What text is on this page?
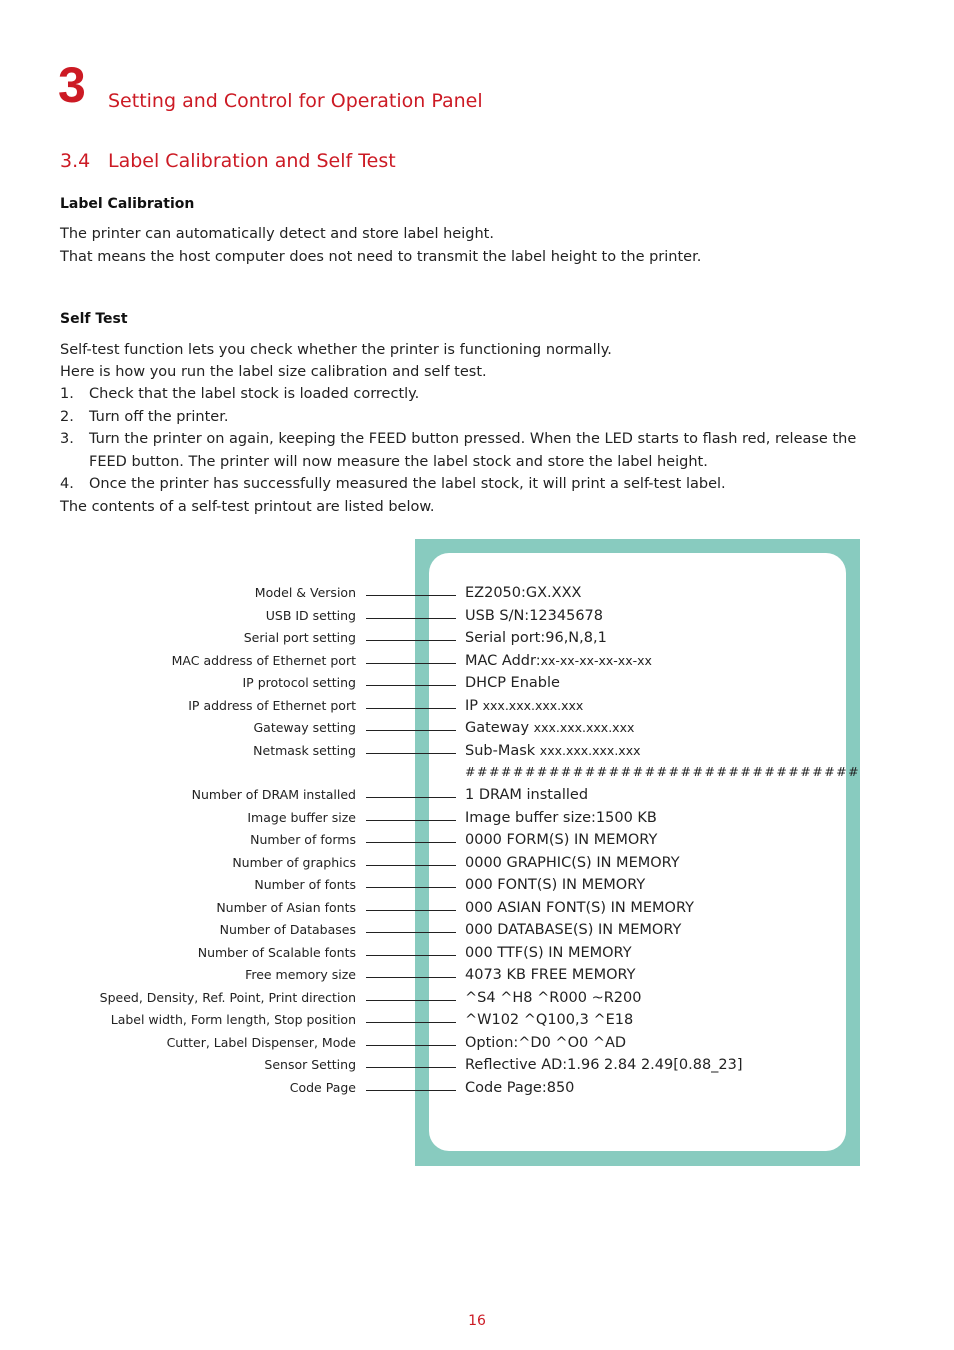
3 Setting and Control for Operation Panel
3.4 Label Calibration and Self Test
Label Calibration
The printer can automatically detect and store label height.
That means the host computer does not need to transmit the label height to the printer.
Self Test
Self-test function lets you check whether the printer is functioning normally.
Here is how you run the label size calibration and self test.
1. Check that the label stock is loaded correctly.
2. Turn off the printer.
3. Turn the printer on again, keeping the FEED button pressed. When the LED starts to flash red, release the FEED button. The printer will now measure the label stock and store the label height.
4. Once the printer has successfully measured the label stock, it will print a self-test label.
The contents of a self-test printout are listed below.
Model & Version	EZ2050:GX.XXX
USB ID setting	USB S/N:12345678
Serial port setting	Serial port:96,N,8,1
MAC address of Ethernet port	MAC Addr:xx-xx-xx-xx-xx-xx
IP protocol setting	DHCP Enable
IP address of Ethernet port	IP xxx.xxx.xxx.xxx
Gateway setting	Gateway xxx.xxx.xxx.xxx
Netmask setting	Sub-Mask xxx.xxx.xxx.xxx
#################################
Number of DRAM installed	1 DRAM installed
Image buffer size	Image buffer size:1500 KB
Number of forms	0000 FORM(S) IN MEMORY
Number of graphics	0000 GRAPHIC(S) IN MEMORY
Number of fonts	000 FONT(S) IN MEMORY
Number of Asian fonts	000 ASIAN FONT(S) IN MEMORY
Number of Databases	000 DATABASE(S) IN MEMORY
Number of Scalable fonts	000 TTF(S) IN MEMORY
Free memory size	4073 KB FREE MEMORY
Speed, Density, Ref. Point, Print direction	^S4 ^H8 ^R000 ~R200
Label width, Form length, Stop position	^W102 ^Q100,3 ^E18
Cutter, Label Dispenser, Mode	Option:^D0 ^O0 ^AD
Sensor Setting	Reflective AD:1.96 2.84 2.49[0.88_23]
Code Page	Code Page:850
16
